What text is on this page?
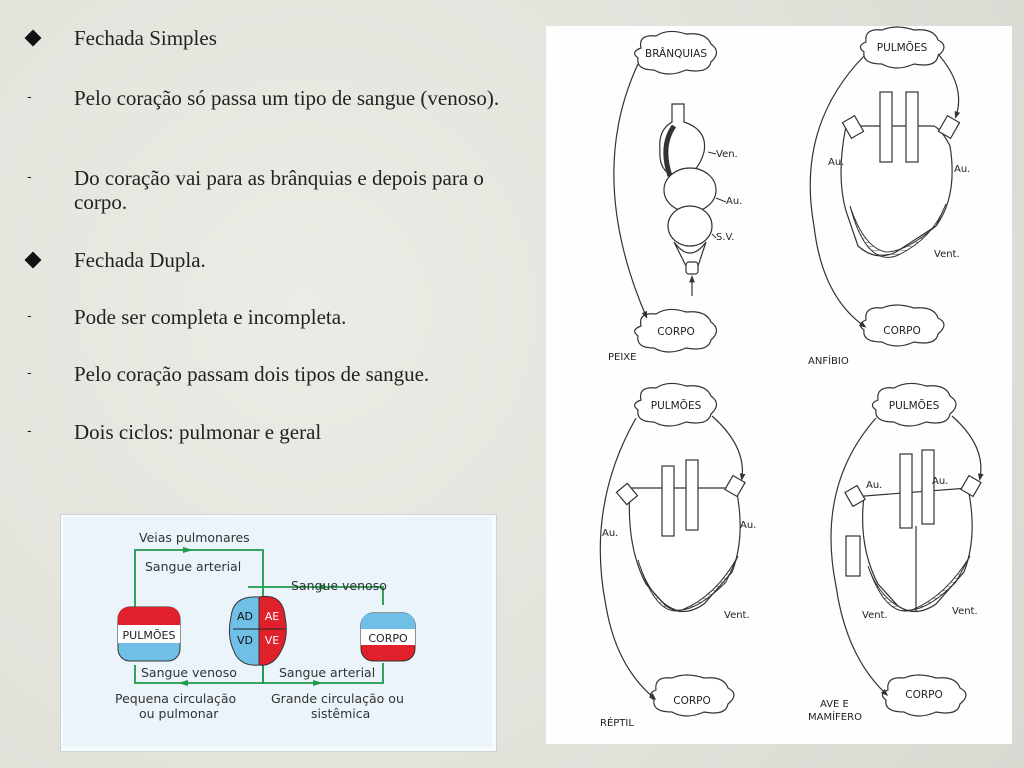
Fechada Simples
-	Pelo coração só passa um tipo de sangue (venoso).
-	Do coração vai para as brânquias e depois para o corpo.
Fechada Dupla.
-	Pode ser completa e incompleta.
-	Pelo coração passam dois tipos de sangue.
-	Dois ciclos: pulmonar e geral
Veias pulmonares
Sangue arterial
Sangue venoso
Sangue venoso	Sangue arterial
Pequena circulação
ou pulmonar
Grande circulação ou
sistêmica
PULMÕES
AD AE
VD VE	CORPO
BRÂNQUIAS
CORPO
PEIXE
Ven.
Au.
S.V.
PULMÕES
CORPO
ANFÍBIO
Au.
Au.
Vent.
PULMÕES
CORPO
RÉPTIL
Au.
Au.
Vent.
PULMÕES
CORPO
AVE E
MAMÍFERO
Au.	Au.
Vent.	Vent.
